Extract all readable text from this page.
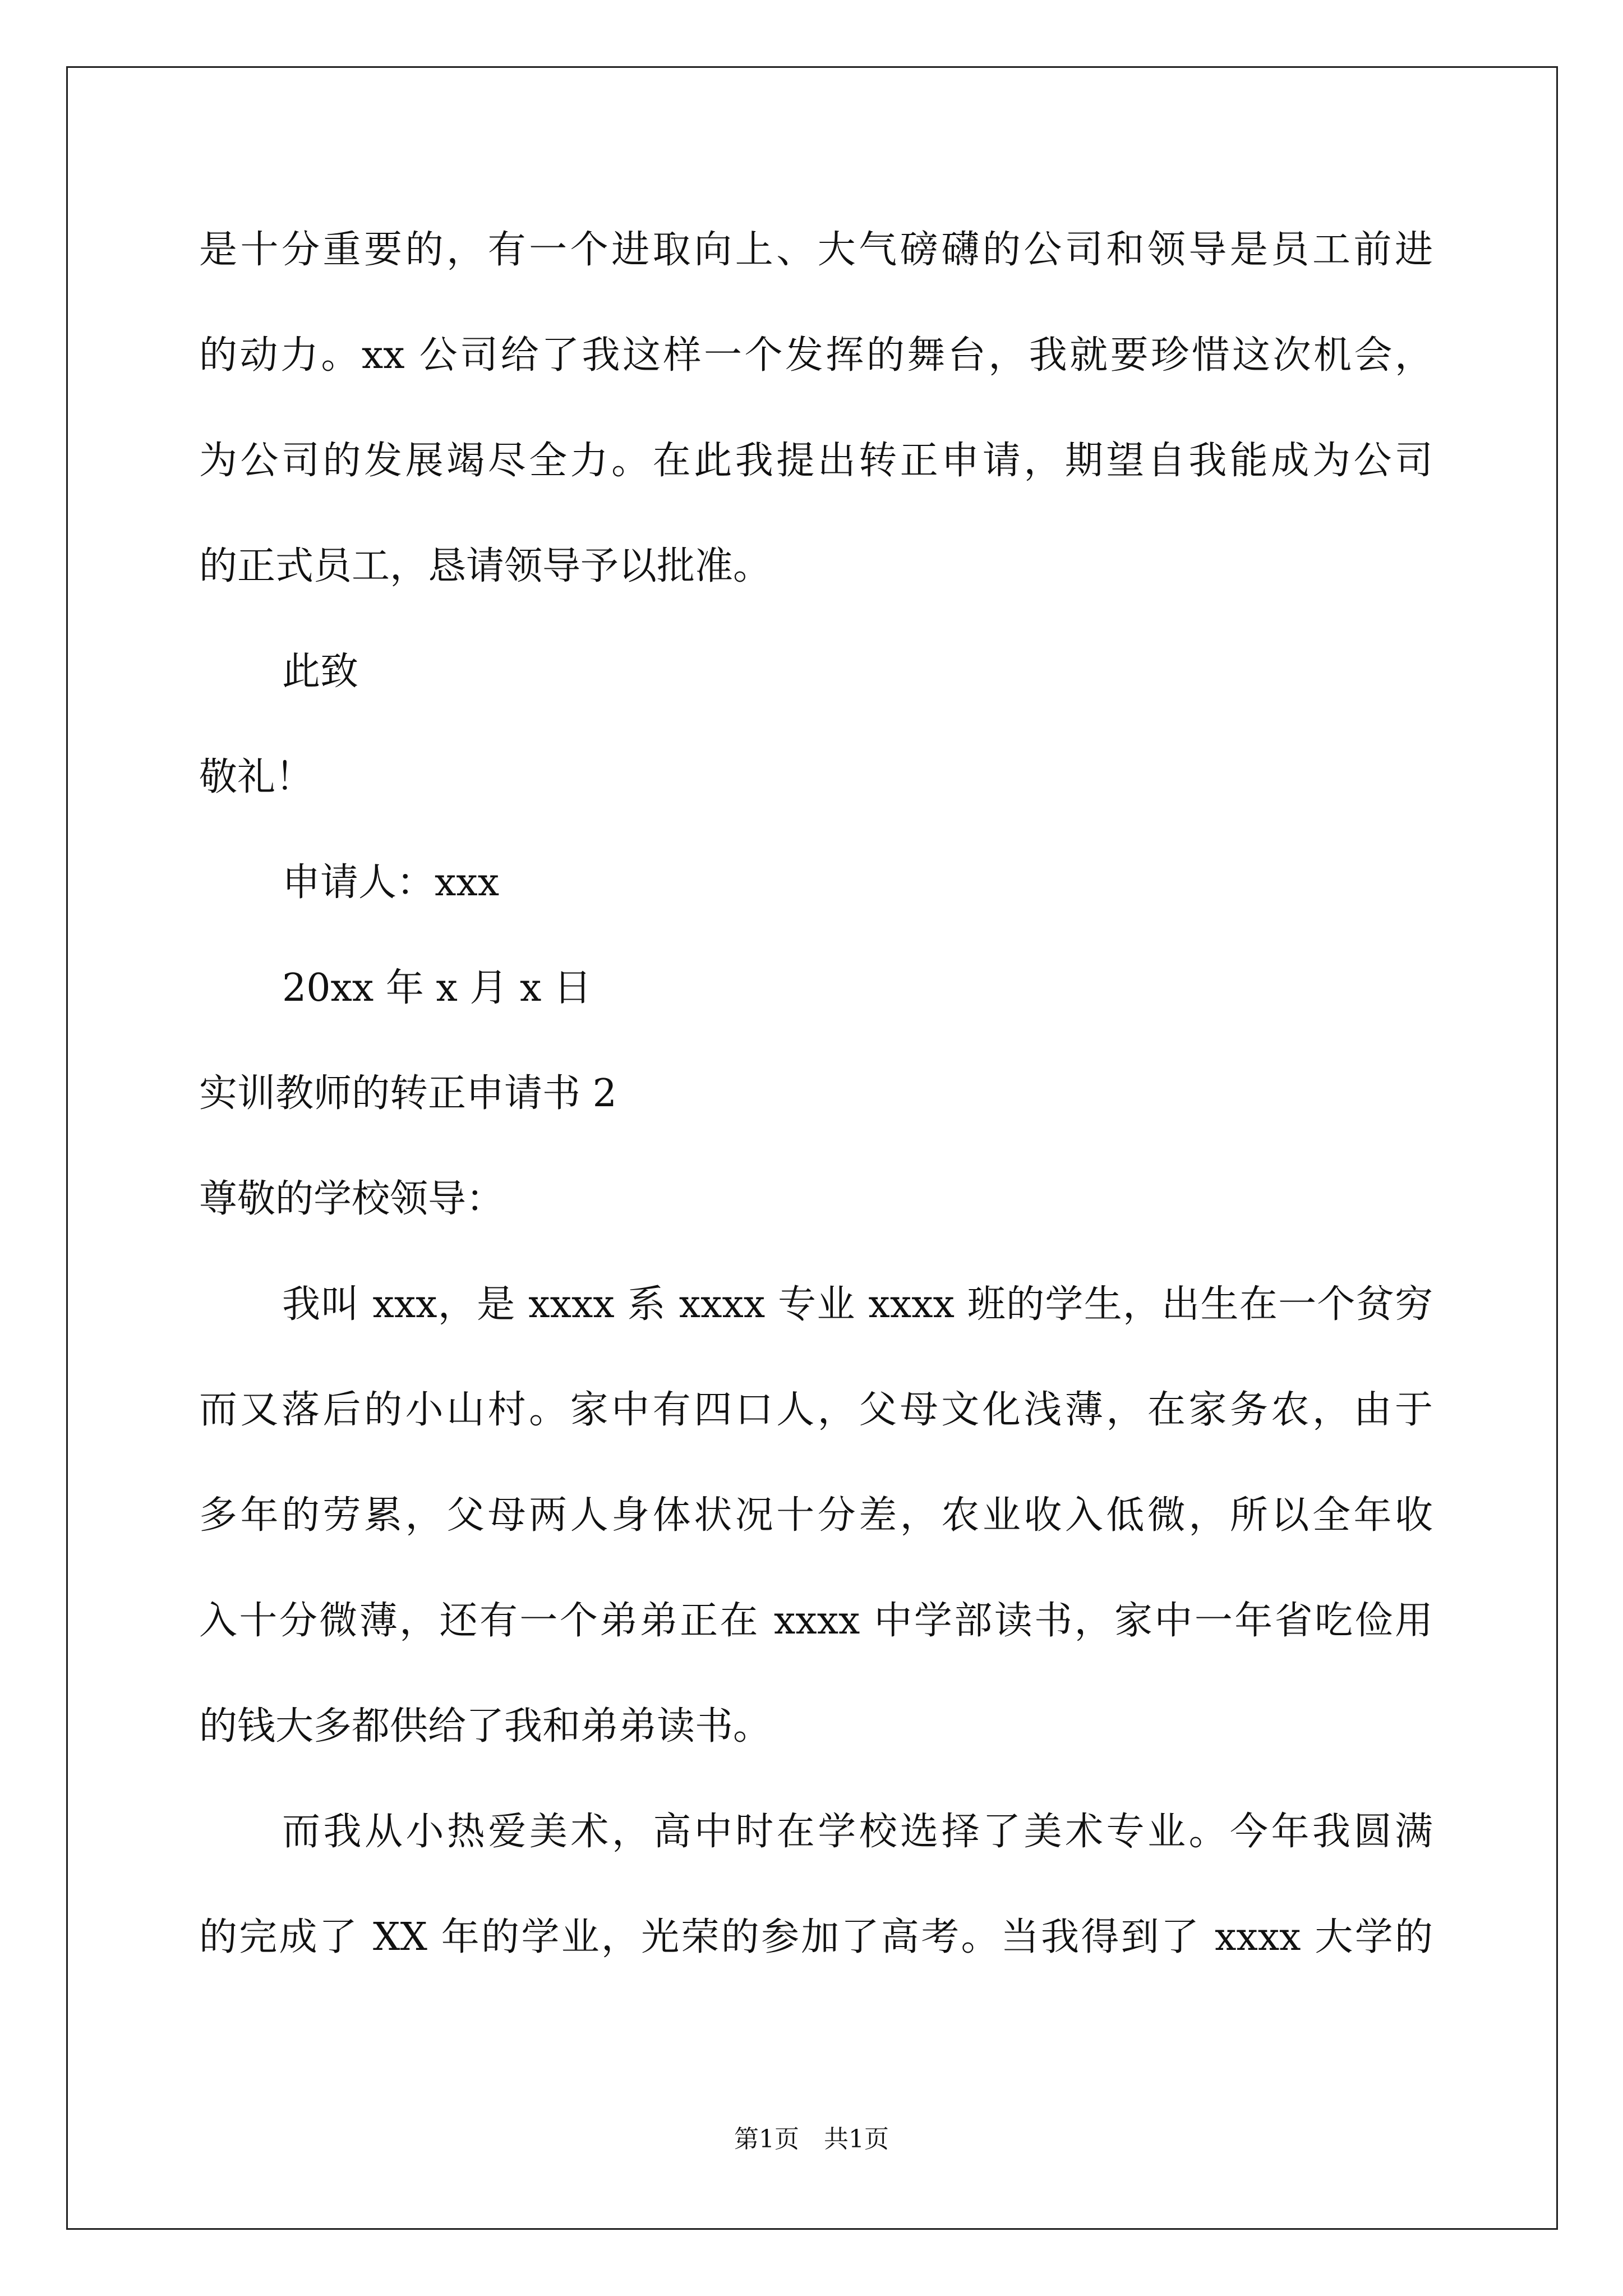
是十分重要的，有一个进取向上、大气磅礴的公司和领导是员工前进
的动力。xx 公司给了我这样一个发挥的舞台，我就要珍惜这次机会，
为公司的发展竭尽全力。在此我提出转正申请，期望自我能成为公司
的正式员工，恳请领导予以批准。
此致
敬礼！
申请人：xxx
20xx 年 x 月 x 日
实训教师的转正申请书 2
尊敬的学校领导：
我叫 xxx，是 xxxx 系 xxxx 专业 xxxx 班的学生，出生在一个贫穷
而又落后的小山村。家中有四口人，父母文化浅薄，在家务农，由于
多年的劳累，父母两人身体状况十分差，农业收入低微，所以全年收
入十分微薄，还有一个弟弟正在 xxxx 中学部读书，家中一年省吃俭用
的钱大多都供给了我和弟弟读书。
而我从小热爱美术，高中时在学校选择了美术专业。今年我圆满
的完成了 XX 年的学业，光荣的参加了高考。当我得到了 xxxx 大学的
第1页　共1页
